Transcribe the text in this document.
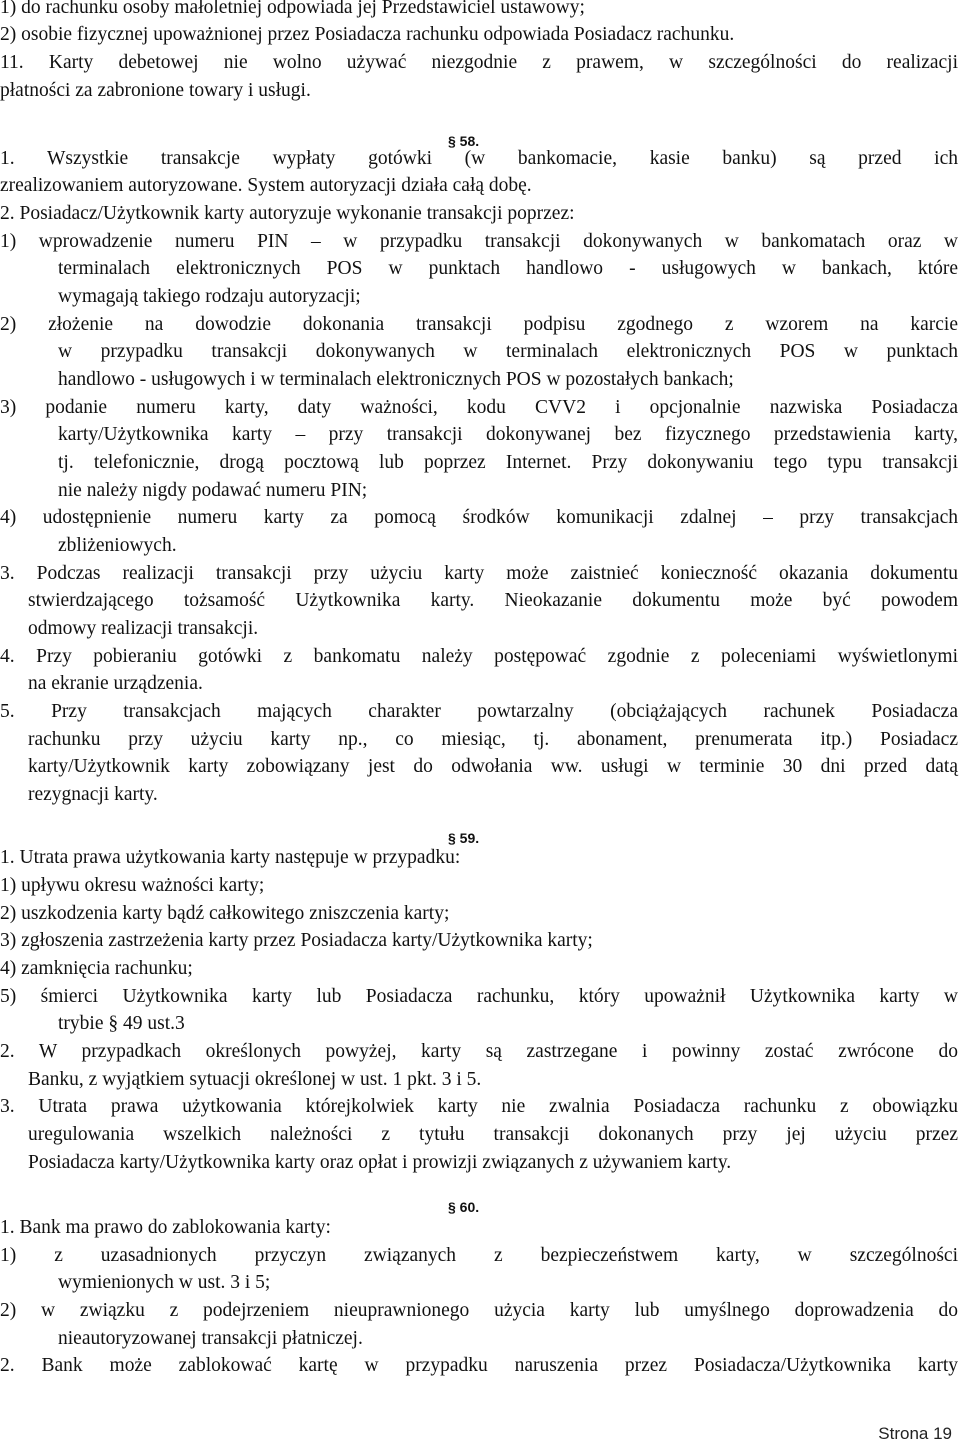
1) do rachunku osoby małoletniej odpowiada jej Przedstawiciel ustawowy;
2) osobie fizycznej upoważnionej przez Posiadacza rachunku odpowiada Posiadacz rachunku.
11. Karty debetowej nie wolno używać niezgodnie z prawem, w szczególności do realizacji
płatności za zabronione towary i usługi.
§ 58.
1. Wszystkie transakcje wypłaty gotówki (w bankomacie, kasie banku) są przed ich
zrealizowaniem autoryzowane. System autoryzacji działa całą dobę.
2. Posiadacz/Użytkownik karty autoryzuje wykonanie transakcji poprzez:
1) wprowadzenie numeru PIN – w przypadku transakcji dokonywanych w bankomatach oraz w
terminalach elektronicznych POS w punktach handlowo - usługowych w bankach, które
wymagają takiego rodzaju autoryzacji;
2) złożenie na dowodzie dokonania transakcji podpisu zgodnego z wzorem na karcie
w przypadku transakcji dokonywanych w terminalach elektronicznych POS w punktach
handlowo - usługowych i w terminalach elektronicznych POS w pozostałych bankach;
3) podanie numeru karty, daty ważności, kodu CVV2 i opcjonalnie nazwiska Posiadacza
karty/Użytkownika karty – przy transakcji dokonywanej bez fizycznego przedstawienia karty,
tj. telefonicznie, drogą pocztową lub poprzez Internet. Przy dokonywaniu tego typu transakcji
nie należy nigdy podawać numeru PIN;
4) udostępnienie numeru karty za pomocą środków komunikacji zdalnej – przy transakcjach
zbliżeniowych.
3. Podczas realizacji transakcji przy użyciu karty może zaistnieć konieczność okazania dokumentu
stwierdzającego tożsamość Użytkownika karty. Nieokazanie dokumentu może być powodem
odmowy realizacji transakcji.
4. Przy pobieraniu gotówki z bankomatu należy postępować zgodnie z poleceniami wyświetlonymi
na ekranie urządzenia.
5. Przy transakcjach mających charakter powtarzalny (obciążających rachunek Posiadacza
rachunku przy użyciu karty np., co miesiąc, tj. abonament, prenumerata itp.) Posiadacz
karty/Użytkownik karty zobowiązany jest do odwołania ww. usługi w terminie 30 dni przed datą
rezygnacji karty.
§ 59.
1. Utrata prawa użytkowania karty następuje w przypadku:
1) upływu okresu ważności karty;
2) uszkodzenia karty bądź całkowitego zniszczenia karty;
3) zgłoszenia zastrzeżenia karty przez Posiadacza karty/Użytkownika karty;
4) zamknięcia rachunku;
5) śmierci Użytkownika karty lub Posiadacza rachunku, który upoważnił Użytkownika karty w
trybie § 49 ust.3
2. W przypadkach określonych powyżej, karty są zastrzegane i powinny zostać zwrócone do
Banku, z wyjątkiem sytuacji określonej w ust. 1 pkt. 3 i 5.
3. Utrata prawa użytkowania którejkolwiek karty nie zwalnia Posiadacza rachunku z obowiązku
uregulowania wszelkich należności z tytułu transakcji dokonanych przy jej użyciu przez
Posiadacza karty/Użytkownika karty oraz opłat i prowizji związanych z używaniem karty.
§ 60.
1. Bank ma prawo do zablokowania karty:
1) z uzasadnionych przyczyn związanych z bezpieczeństwem karty, w szczególności
wymienionych w ust. 3 i 5;
2) w związku z podejrzeniem nieuprawnionego użycia karty lub umyślnego doprowadzenia do
nieautoryzowanej transakcji płatniczej.
2. Bank może zablokować kartę w przypadku naruszenia przez Posiadacza/Użytkownika karty
Strona 19
